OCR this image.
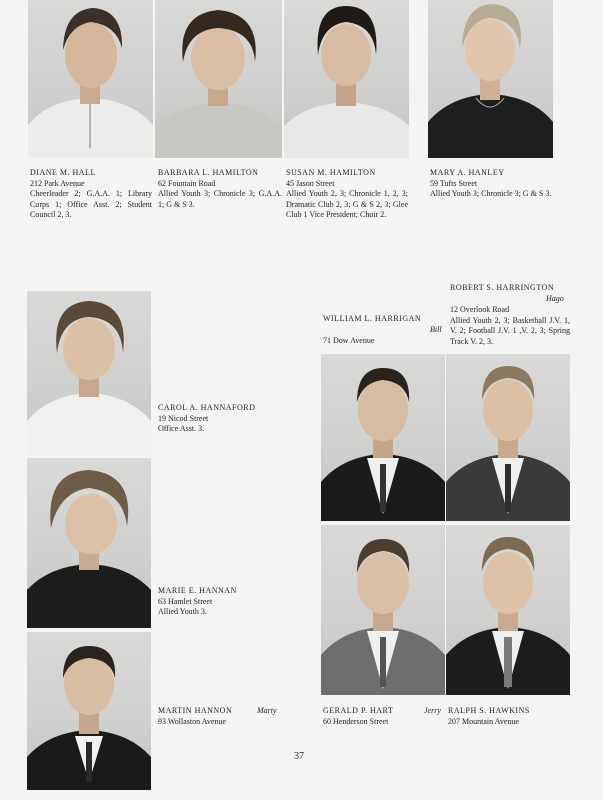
DIANE M. HALL
212 Park Avenue
Cheerleader 2; G.A.A. 1; Library Corps 1; Office Asst. 2; Student Council 2, 3.
BARBARA L. HAMILTON
62 Fountain Road
Allied Youth 3; Chronicle 3; G.A.A. 1; G & S 3.
SUSAN M. HAMILTON
45 Jason Street
Allied Youth 2, 3; Chronicle 1, 2, 3; Dramatic Club 2, 3; G & S 2, 3; Glee Club 1 Vice President; Choir 2.
MARY A. HANLEY
59 Tufts Street
Allied Youth 3; Chronicle 3; G & S 3.
CAROL A. HANNAFORD
19 Nicod Street
Office Asst. 3.
MARIE E. HANNAN
63 Hamlet Street
Allied Youth 3.
MARTIN HANNON
93 Wollaston Avenue
Marty
ROBERT S. HARRINGTON
Hago
12 Overlook Road
Allied Youth 2, 3; Basketball J.V. 1, V. 2; Football J.V. 1 ,V. 2, 3; Spring Track V. 2, 3.
WILLIAM L. HARRIGAN
Bill
71 Dow Avenue
GERALD P. HART
60 Henderson Street
Jerry RALPH S. HAWKINS
207 Mountain Avenue
37
